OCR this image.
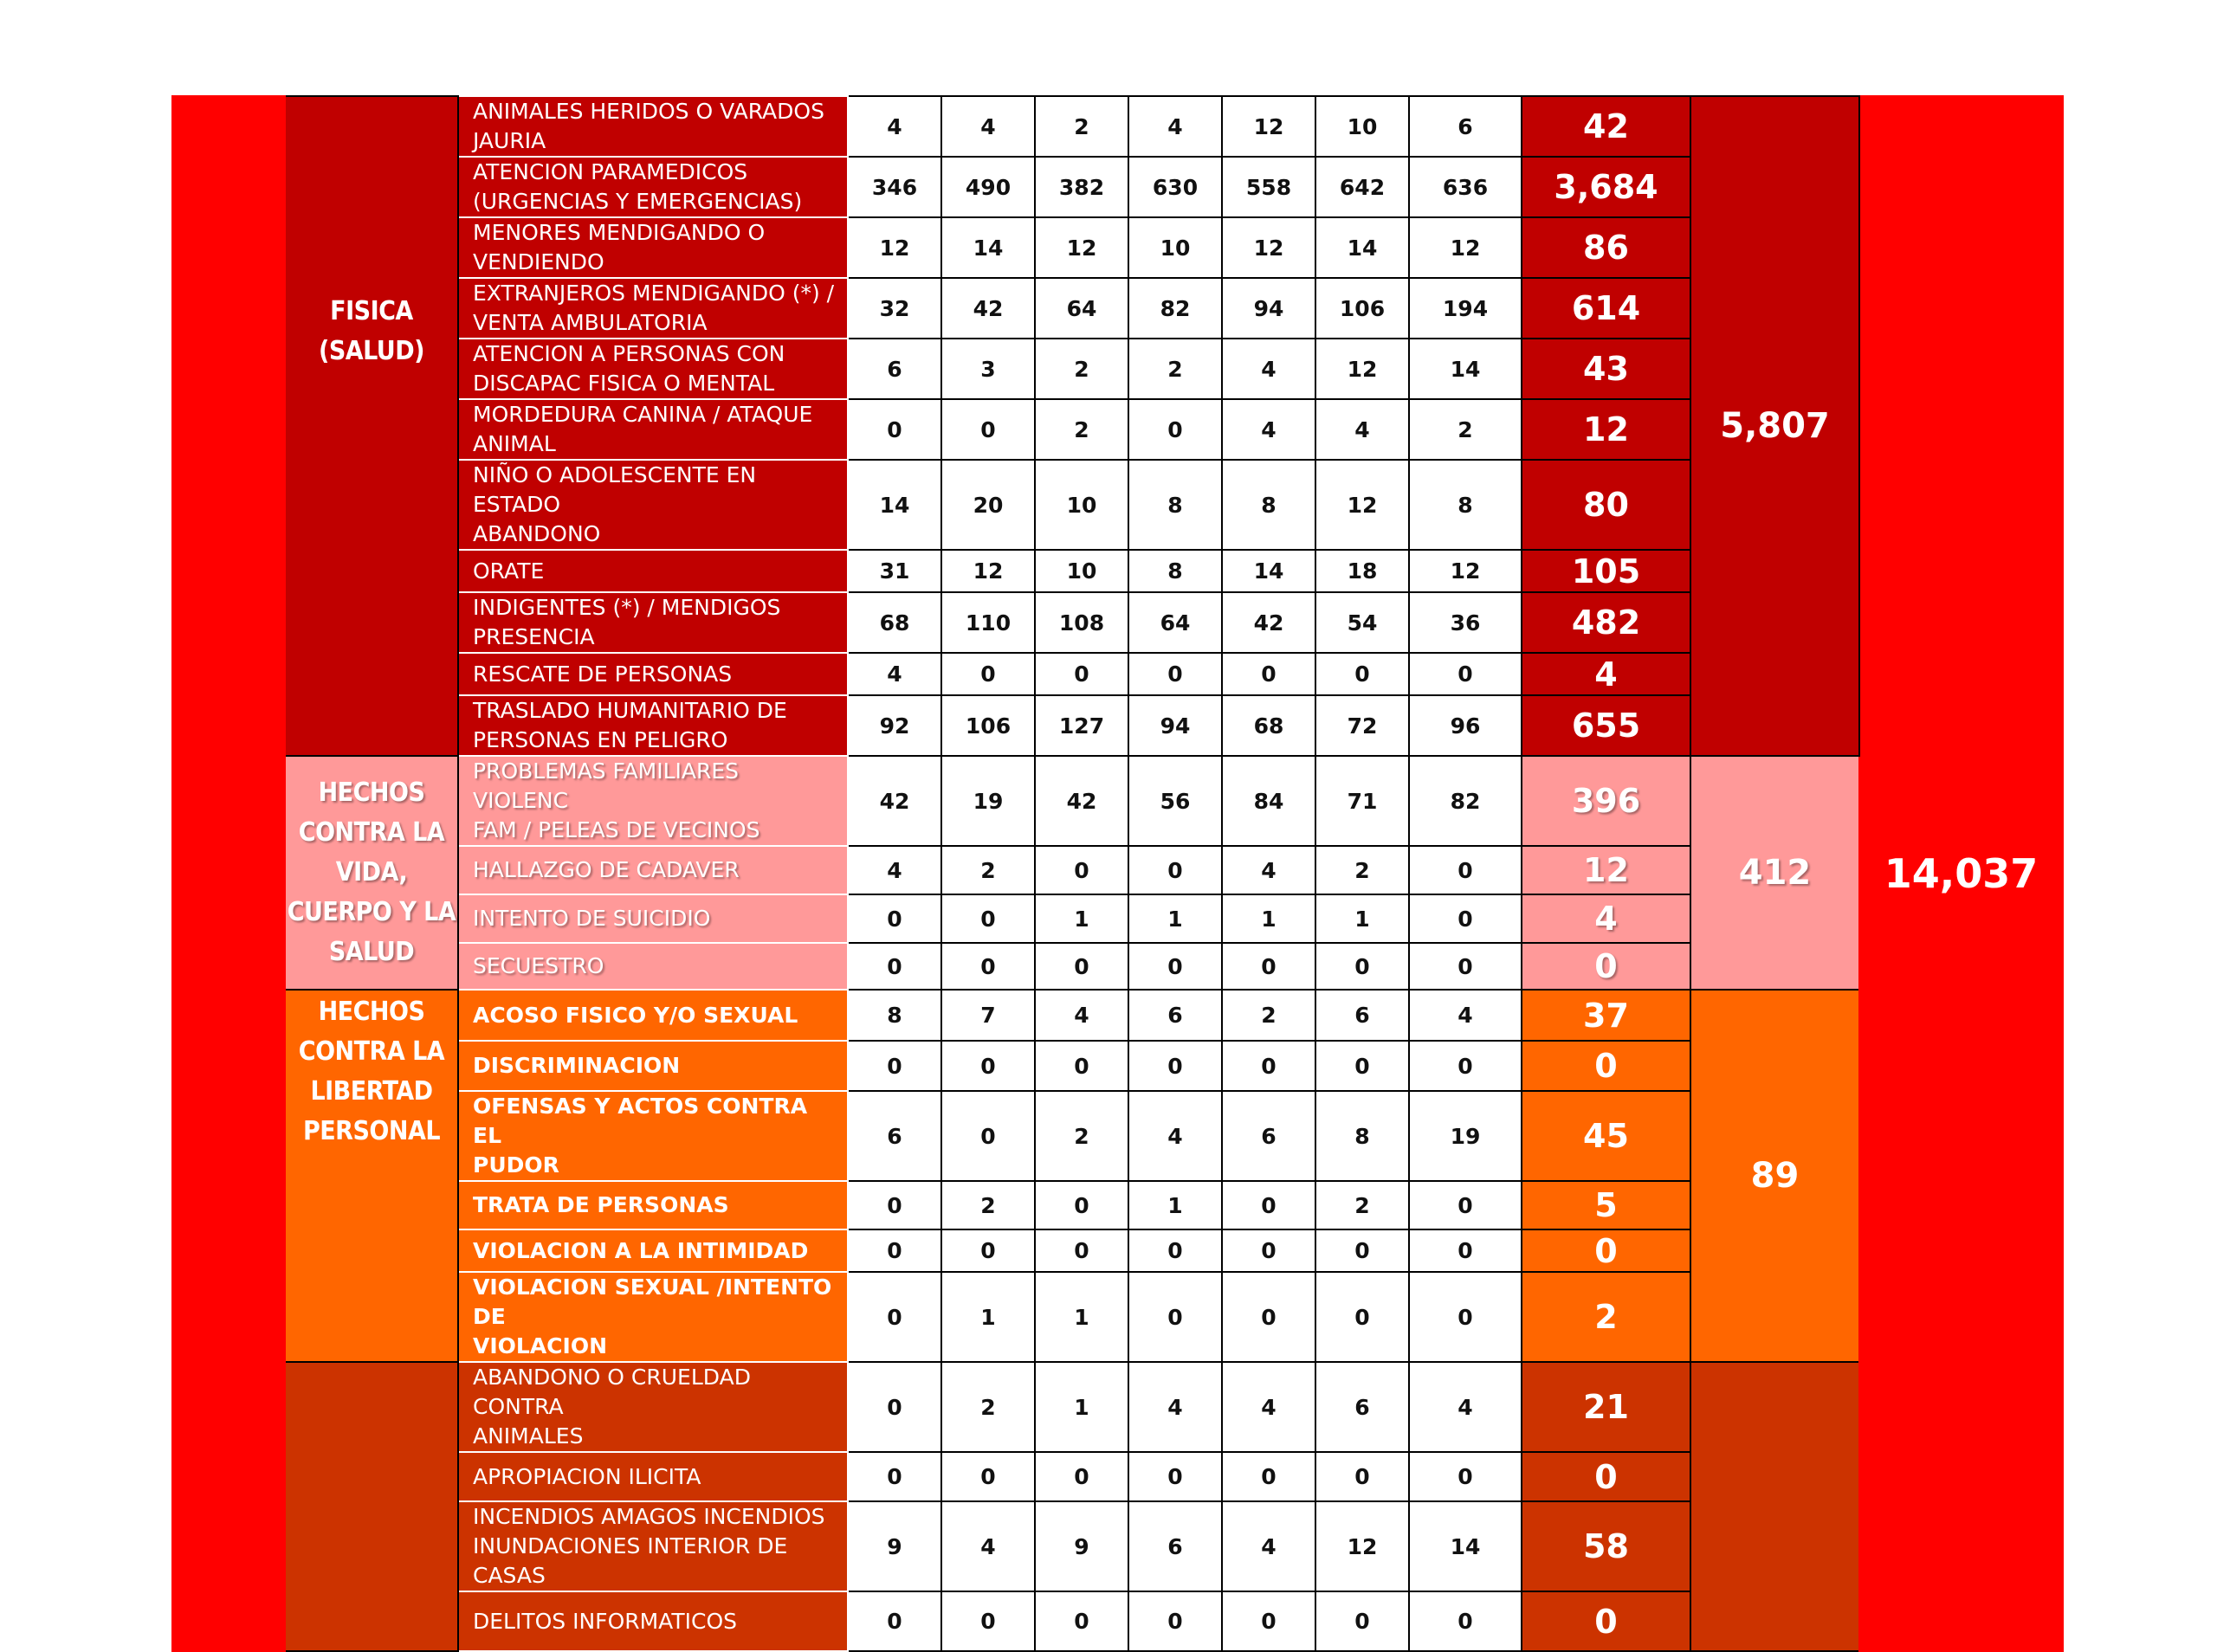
	FISICA (SALUD)	ANIMALES HERIDOS O VARADOS
JAURIA	4	4	2	4	12	10	6	42	5,807	14,037

		ATENCION PARAMEDICOS
(URGENCIAS Y EMERGENCIAS)	346	490	382	630	558	642	636	3,684		

		MENORES MENDIGANDO O
VENDIENDO	12	14	12	10	12	14	12	86		

		EXTRANJEROS MENDIGANDO (*) /
VENTA AMBULATORIA	32	42	64	82	94	106	194	614		

		ATENCION A PERSONAS CON
DISCAPAC FISICA O MENTAL	6	3	2	2	4	12	14	43		

		MORDEDURA CANINA / ATAQUE
ANIMAL	0	0	2	0	4	4	2	12		

		NIÑO O ADOLESCENTE EN ESTADO
ABANDONO	14	20	10	8	8	12	8	80		

		ORATE	31	12	10	8	14	18	12	105		

		INDIGENTES (*) / MENDIGOS
PRESENCIA	68	110	108	64	42	54	36	482		

		RESCATE DE PERSONAS	4	0	0	0	0	0	0	4		

		TRASLADO HUMANITARIO DE
PERSONAS EN PELIGRO	92	106	127	94	68	72	96	655		
	HECHOS CONTRA LA VIDA, CUERPO Y LA SALUD	PROBLEMAS FAMILIARES VIOLENC
FAM / PELEAS DE VECINOS	42	19	42	56	84	71	82	396	412	

		HALLAZGO DE CADAVER	4	2	0	0	4	2	0	12		

		INTENTO DE SUICIDIO	0	0	1	1	1	1	0	4		

		SECUESTRO	0	0	0	0	0	0	0	0		
	HECHOS CONTRA LA LIBERTAD PERSONAL	ACOSO FISICO Y/O SEXUAL	8	7	4	6	2	6	4	37	89	

		DISCRIMINACION	0	0	0	0	0	0	0	0		

		OFENSAS Y ACTOS CONTRA EL
PUDOR	6	0	2	4	6	8	19	45		

		TRATA DE PERSONAS	0	2	0	1	0	2	0	5		

		VIOLACION A LA INTIMIDAD	0	0	0	0	0	0	0	0		

		VIOLACION SEXUAL /INTENTO DE
VIOLACION	0	1	1	0	0	0	0	2		

		ABANDONO O CRUELDAD CONTRA
ANIMALES	0	2	1	4	4	6	4	21		

		APROPIACION ILICITA	0	0	0	0	0	0	0	0		

		INCENDIOS AMAGOS INCENDIOS
INUNDACIONES INTERIOR DE CASAS	9	4	9	6	4	12	14	58		

		DELITOS INFORMATICOS	0	0	0	0	0	0	0	0		
